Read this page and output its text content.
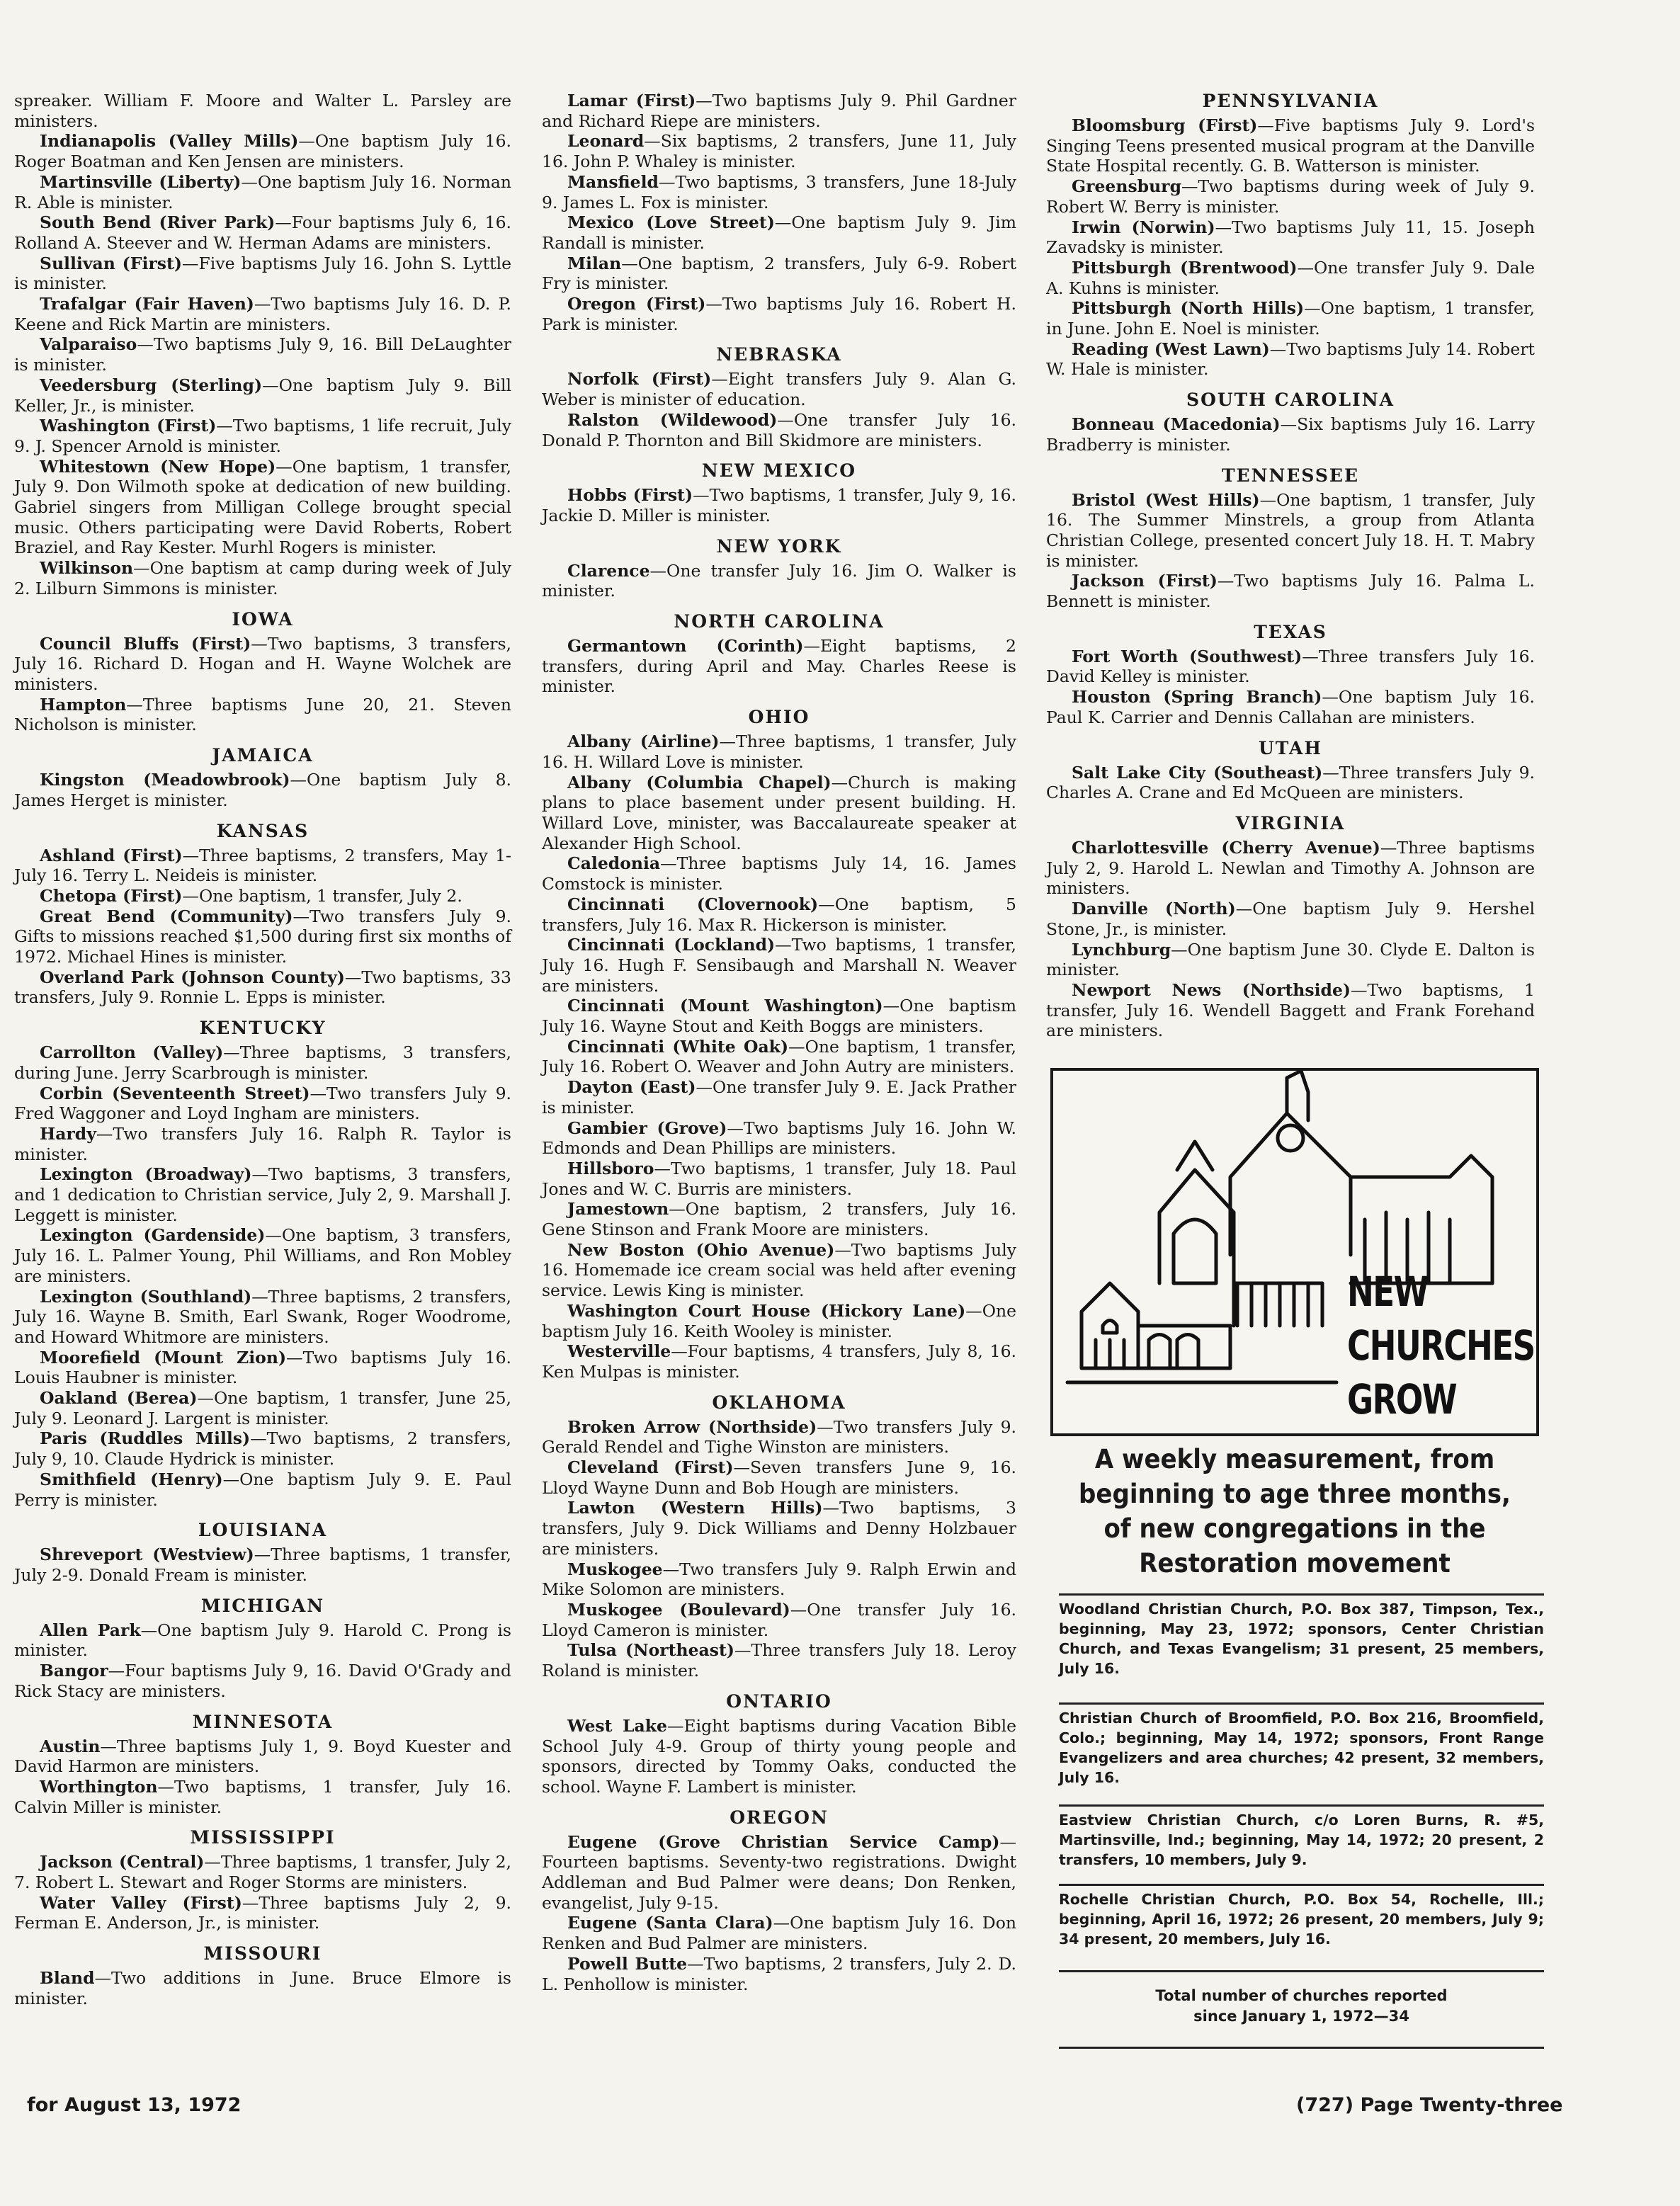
spreaker. William F. Moore and Walter L. Parsley are ministers.

Indianapolis (Valley Mills)—One baptism July 16. Roger Boatman and Ken Jensen are ministers.

Martinsville (Liberty)—One baptism July 16. Norman R. Able is minister.

South Bend (River Park)—Four baptisms July 6, 16. Rolland A. Steever and W. Herman Adams are ministers.

Sullivan (First)—Five baptisms July 16. John S. Lyttle is minister.

Trafalgar (Fair Haven)—Two baptisms July 16. D. P. Keene and Rick Martin are ministers.

Valparaiso—Two baptisms July 9, 16. Bill DeLaughter is minister.

Veedersburg (Sterling)—One baptism July 9. Bill Keller, Jr., is minister.

Washington (First)—Two baptisms, 1 life recruit, July 9. J. Spencer Arnold is minister.

Whitestown (New Hope)—One baptism, 1 transfer, July 9. Don Wilmoth spoke at dedication of new building. Gabriel singers from Milligan College brought special music. Others participating were David Roberts, Robert Braziel, and Ray Kester. Murhl Rogers is minister.

Wilkinson—One baptism at camp during week of July 2. Lilburn Simmons is minister.

IOWA

Council Bluffs (First)—Two baptisms, 3 transfers, July 16. Richard D. Hogan and H. Wayne Wolchek are ministers.

Hampton—Three baptisms June 20, 21. Steven Nicholson is minister.

JAMAICA

Kingston (Meadowbrook)—One baptism July 8. James Herget is minister.

KANSAS

Ashland (First)—Three baptisms, 2 transfers, May 1-July 16. Terry L. Neideis is minister.

Chetopa (First)—One baptism, 1 transfer, July 2.

Great Bend (Community)—Two transfers July 9. Gifts to missions reached $1,500 during first six months of 1972. Michael Hines is minister.

Overland Park (Johnson County)—Two baptisms, 33 transfers, July 9. Ronnie L. Epps is minister.

KENTUCKY

Carrollton (Valley)—Three baptisms, 3 transfers, during June. Jerry Scarbrough is minister.

Corbin (Seventeenth Street)—Two transfers July 9. Fred Waggoner and Loyd Ingham are ministers.

Hardy—Two transfers July 16. Ralph R. Taylor is minister.

Lexington (Broadway)—Two baptisms, 3 transfers, and 1 dedication to Christian service, July 2, 9. Marshall J. Leggett is minister.

Lexington (Gardenside)—One baptism, 3 transfers, July 16. L. Palmer Young, Phil Williams, and Ron Mobley are ministers.

Lexington (Southland)—Three baptisms, 2 transfers, July 16. Wayne B. Smith, Earl Swank, Roger Woodrome, and Howard Whitmore are ministers.

Moorefield (Mount Zion)—Two baptisms July 16. Louis Haubner is minister.

Oakland (Berea)—One baptism, 1 transfer, June 25, July 9. Leonard J. Largent is minister.

Paris (Ruddles Mills)—Two baptisms, 2 transfers, July 9, 10. Claude Hydrick is minister.

Smithfield (Henry)—One baptism July 9. E. Paul Perry is minister.

LOUISIANA

Shreveport (Westview)—Three baptisms, 1 transfer, July 2-9. Donald Fream is minister.

MICHIGAN

Allen Park—One baptism July 9. Harold C. Prong is minister.

Bangor—Four baptisms July 9, 16. David O'Grady and Rick Stacy are ministers.

MINNESOTA

Austin—Three baptisms July 1, 9. Boyd Kuester and David Harmon are ministers.

Worthington—Two baptisms, 1 transfer, July 16. Calvin Miller is minister.

MISSISSIPPI

Jackson (Central)—Three baptisms, 1 transfer, July 2, 7. Robert L. Stewart and Roger Storms are ministers.

Water Valley (First)—Three baptisms July 2, 9. Ferman E. Anderson, Jr., is minister.

MISSOURI

Bland—Two additions in June. Bruce Elmore is minister.

Lamar (First)—Two baptisms July 9. Phil Gardner and Richard Riepe are ministers.

Leonard—Six baptisms, 2 transfers, June 11, July 16. John P. Whaley is minister.

Mansfield—Two baptisms, 3 transfers, June 18-July 9. James L. Fox is minister.

Mexico (Love Street)—One baptism July 9. Jim Randall is minister.

Milan—One baptism, 2 transfers, July 6-9. Robert Fry is minister.

Oregon (First)—Two baptisms July 16. Robert H. Park is minister.

NEBRASKA

Norfolk (First)—Eight transfers July 9. Alan G. Weber is minister of education.

Ralston (Wildewood)—One transfer July 16. Donald P. Thornton and Bill Skidmore are ministers.

NEW MEXICO

Hobbs (First)—Two baptisms, 1 transfer, July 9, 16. Jackie D. Miller is minister.

NEW YORK

Clarence—One transfer July 16. Jim O. Walker is minister.

NORTH CAROLINA

Germantown (Corinth)—Eight baptisms, 2 transfers, during April and May. Charles Reese is minister.

OHIO

Albany (Airline)—Three baptisms, 1 transfer, July 16. H. Willard Love is minister.

Albany (Columbia Chapel)—Church is making plans to place basement under present building. H. Willard Love, minister, was Baccalaureate speaker at Alexander High School.

Caledonia—Three baptisms July 14, 16. James Comstock is minister.

Cincinnati (Clovernook)—One baptism, 5 transfers, July 16. Max R. Hickerson is minister.

Cincinnati (Lockland)—Two baptisms, 1 transfer, July 16. Hugh F. Sensibaugh and Marshall N. Weaver are ministers.

Cincinnati (Mount Washington)—One baptism July 16. Wayne Stout and Keith Boggs are ministers.

Cincinnati (White Oak)—One baptism, 1 transfer, July 16. Robert O. Weaver and John Autry are ministers.

Dayton (East)—One transfer July 9. E. Jack Prather is minister.

Gambier (Grove)—Two baptisms July 16. John W. Edmonds and Dean Phillips are ministers.

Hillsboro—Two baptisms, 1 transfer, July 18. Paul Jones and W. C. Burris are ministers.

Jamestown—One baptism, 2 transfers, July 16. Gene Stinson and Frank Moore are ministers.

New Boston (Ohio Avenue)—Two baptisms July 16. Homemade ice cream social was held after evening service. Lewis King is minister.

Washington Court House (Hickory Lane)—One baptism July 16. Keith Wooley is minister.

Westerville—Four baptisms, 4 transfers, July 8, 16. Ken Mulpas is minister.

OKLAHOMA

Broken Arrow (Northside)—Two transfers July 9. Gerald Rendel and Tighe Winston are ministers.

Cleveland (First)—Seven transfers June 9, 16. Lloyd Wayne Dunn and Bob Hough are ministers.

Lawton (Western Hills)—Two baptisms, 3 transfers, July 9. Dick Williams and Denny Holzbauer are ministers.

Muskogee—Two transfers July 9. Ralph Erwin and Mike Solomon are ministers.

Muskogee (Boulevard)—One transfer July 16. Lloyd Cameron is minister.

Tulsa (Northeast)—Three transfers July 18. Leroy Roland is minister.

ONTARIO

West Lake—Eight baptisms during Vacation Bible School July 4-9. Group of thirty young people and sponsors, directed by Tommy Oaks, conducted the school. Wayne F. Lambert is minister.

OREGON

Eugene (Grove Christian Service Camp)—Fourteen baptisms. Seventy-two registrations. Dwight Addleman and Bud Palmer were deans; Don Renken, evangelist, July 9-15.

Eugene (Santa Clara)—One baptism July 16. Don Renken and Bud Palmer are ministers.

Powell Butte—Two baptisms, 2 transfers, July 2. D. L. Penhollow is minister.

PENNSYLVANIA

Bloomsburg (First)—Five baptisms July 9. Lord's Singing Teens presented musical program at the Danville State Hospital recently. G. B. Watterson is minister.

Greensburg—Two baptisms during week of July 9. Robert W. Berry is minister.

Irwin (Norwin)—Two baptisms July 11, 15. Joseph Zavadsky is minister.

Pittsburgh (Brentwood)—One transfer July 9. Dale A. Kuhns is minister.

Pittsburgh (North Hills)—One baptism, 1 transfer, in June. John E. Noel is minister.

Reading (West Lawn)—Two baptisms July 14. Robert W. Hale is minister.

SOUTH CAROLINA

Bonneau (Macedonia)—Six baptisms July 16. Larry Bradberry is minister.

TENNESSEE

Bristol (West Hills)—One baptism, 1 transfer, July 16. The Summer Minstrels, a group from Atlanta Christian College, presented concert July 18. H. T. Mabry is minister.

Jackson (First)—Two baptisms July 16. Palma L. Bennett is minister.

TEXAS

Fort Worth (Southwest)—Three transfers July 16. David Kelley is minister.

Houston (Spring Branch)—One baptism July 16. Paul K. Carrier and Dennis Callahan are ministers.

UTAH

Salt Lake City (Southeast)—Three transfers July 9. Charles A. Crane and Ed McQueen are ministers.

VIRGINIA

Charlottesville (Cherry Avenue)—Three baptisms July 2, 9. Harold L. Newlan and Timothy A. Johnson are ministers.

Danville (North)—One baptism July 9. Hershel Stone, Jr., is minister.

Lynchburg—One baptism June 30. Clyde E. Dalton is minister.

Newport News (Northside)—Two baptisms, 1 transfer, July 16. Wendell Baggett and Frank Forehand are ministers.

NEW
CHURCHES
GROW
A weekly measurement, from
beginning to age three months,
of new congregations in the
Restoration movement
Woodland Christian Church, P.O. Box 387, Timpson, Tex., beginning, May 23, 1972; sponsors, Center Christian Church, and Texas Evangelism; 31 present, 25 members, July 16.
Christian Church of Broomfield, P.O. Box 216, Broomfield, Colo.; beginning, May 14, 1972; sponsors, Front Range Evangelizers and area churches; 42 present, 32 members, July 16.
Eastview Christian Church, c/o Loren Burns, R. #5, Martinsville, Ind.; beginning, May 14, 1972; 20 present, 2 transfers, 10 members, July 9.
Rochelle Christian Church, P.O. Box 54, Rochelle, Ill.; beginning, April 16, 1972; 26 present, 20 members, July 9; 34 present, 20 members, July 16.
Total number of churches reported
since January 1, 1972—34
for August 13, 1972	(727) Page Twenty-three
